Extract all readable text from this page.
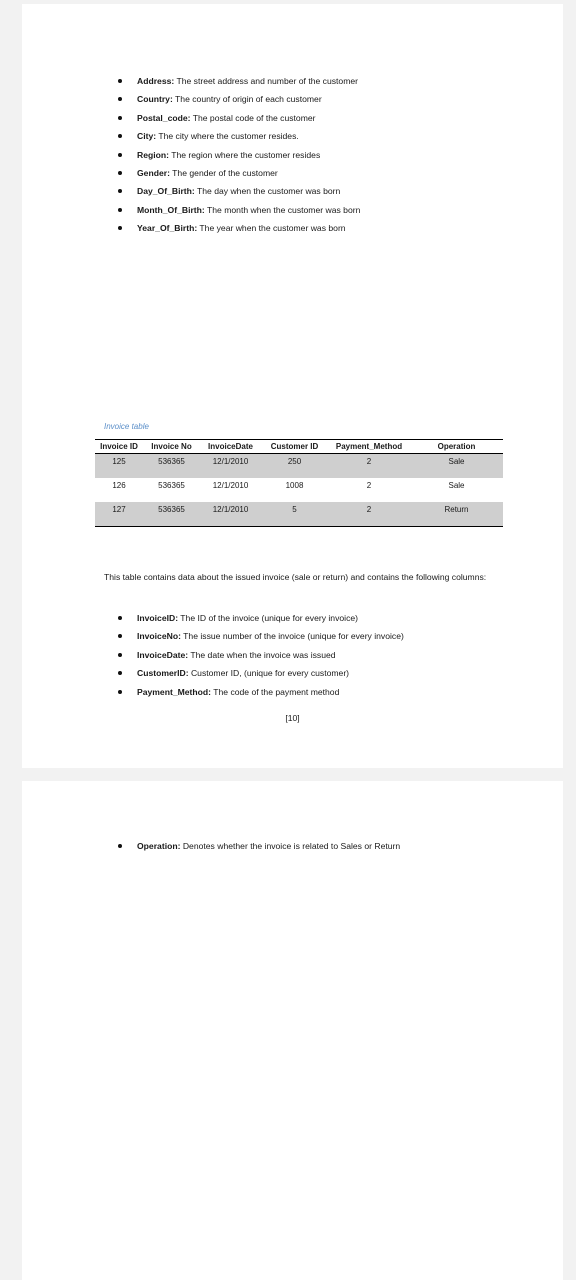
Address: The street address and number of the customer
Country: The country of origin of each customer
Postal_code: The postal code of the customer
City: The city where the customer resides.
Region: The region where the customer resides
Gender: The gender of the customer
Day_Of_Birth: The day when the customer was born
Month_Of_Birth: The month when the customer was born
Year_Of_Birth: The year when the customer was born
Invoice table
Invoice ID	Invoice No	InvoiceDate	Customer ID	Payment_Method	Operation
125	536365	12/1/2010	250	2	Sale
126	536365	12/1/2010	1008	2	Sale
127	536365	12/1/2010	5	2	Return
This table contains data about the issued invoice (sale or return) and contains the following columns:
InvoiceID: The ID of the invoice (unique for every invoice)
InvoiceNo: The issue number of the invoice (unique for every invoice)
InvoiceDate: The date when the invoice was issued
CustomerID: Customer ID, (unique for every customer)
Payment_Method: The code of the payment method
[10]
Operation: Denotes whether the invoice is related to Sales or Return
